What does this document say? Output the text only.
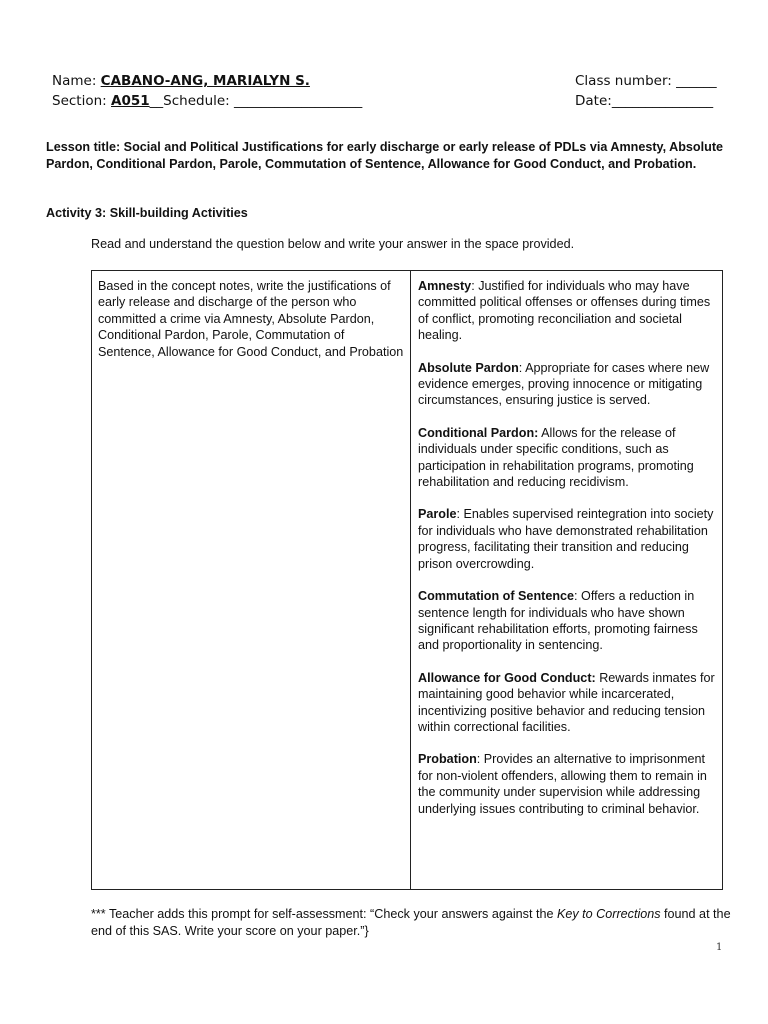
Name: CABANO-ANG, MARIALYN S.
Section: A051__Schedule: ___________________
Class number: ______
Date:_______________
Lesson title: Social and Political Justifications for early discharge or early release of PDLs via Amnesty, Absolute Pardon, Conditional Pardon, Parole, Commutation of Sentence, Allowance for Good Conduct, and Probation.
Activity 3: Skill-building Activities
Read and understand the question below and write your answer in the space provided.
Based in the concept notes, write the justifications of early release and discharge of the person who committed a crime via Amnesty, Absolute Pardon, Conditional Pardon, Parole, Commutation of Sentence, Allowance for Good Conduct, and Probation

Amnesty: Justified for individuals who may have committed political offenses or offenses during times of conflict, promoting reconciliation and societal healing.

Absolute Pardon: Appropriate for cases where new evidence emerges, proving innocence or mitigating circumstances, ensuring justice is served.

Conditional Pardon: Allows for the release of individuals under specific conditions, such as participation in rehabilitation programs, promoting rehabilitation and reducing recidivism.

Parole: Enables supervised reintegration into society for individuals who have demonstrated rehabilitation progress, facilitating their transition and reducing prison overcrowding.

Commutation of Sentence: Offers a reduction in sentence length for individuals who have shown significant rehabilitation efforts, promoting fairness and proportionality in sentencing.

Allowance for Good Conduct: Rewards inmates for maintaining good behavior while incarcerated, incentivizing positive behavior and reducing tension within correctional facilities.

Probation: Provides an alternative to imprisonment for non-violent offenders, allowing them to remain in the community under supervision while addressing underlying issues contributing to criminal behavior.

*** Teacher adds this prompt for self-assessment: “Check your answers against the Key to Corrections found at the end of this SAS. Write your score on your paper.”}
1
